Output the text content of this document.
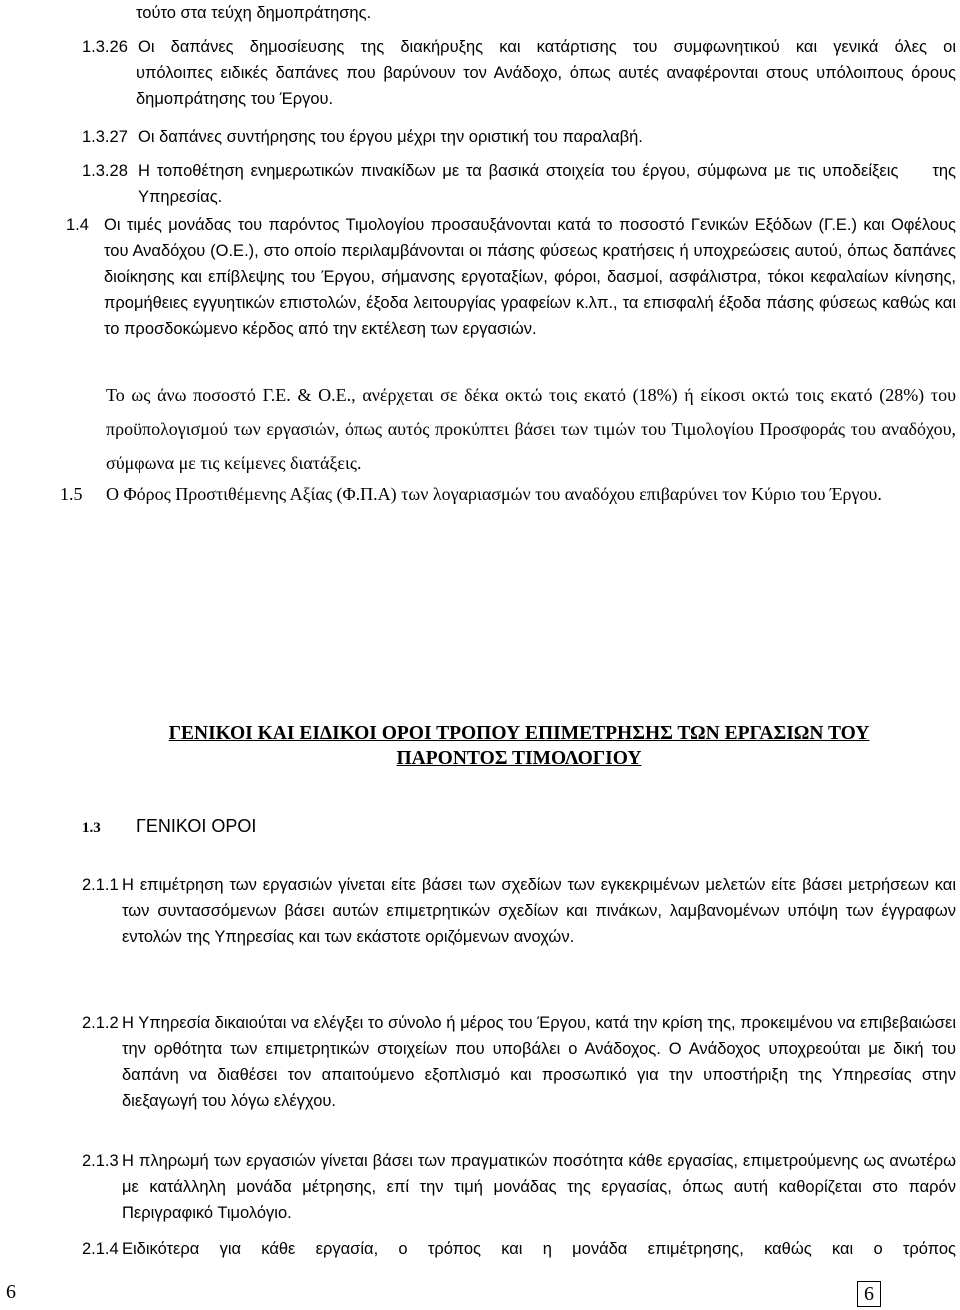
τούτο στα τεύχη δημοπράτησης.
1.3.26 Οι δαπάνες δημοσίευσης της διακήρυξης και κατάρτισης του συμφωνητικού και γενικά όλες οι
υπόλοιπες ειδικές δαπάνες που βαρύνουν τον Ανάδοχο, όπως αυτές αναφέρονται στους υπόλοιπους όρους δημοπράτησης του Έργου.
1.3.27 Οι δαπάνες συντήρησης του έργου μέχρι την οριστική του παραλαβή.
1.3.28 Η τοποθέτηση ενημερωτικών πινακίδων με τα βασικά στοιχεία του έργου, σύμφωνα με τις υποδείξεις     της Υπηρεσίας.
1.4 Οι τιμές μονάδας του παρόντος Τιμολογίου προσαυξάνονται κατά το ποσοστό Γενικών Εξόδων (Γ.Ε.) και Οφέλους του Αναδόχου (Ο.Ε.), στο οποίο περιλαμβάνονται οι πάσης φύσεως κρατήσεις ή υποχρεώσεις αυτού, όπως δαπάνες διοίκησης και επίβλεψης του Έργου, σήμανσης εργοταξίων, φόροι, δασμοί, ασφάλιστρα, τόκοι κεφαλαίων κίνησης, προμήθειες εγγυητικών επιστολών, έξοδα λειτουργίας γραφείων κ.λπ., τα επισφαλή έξοδα πάσης φύσεως καθώς και το προσδοκώμενο κέρδος από την εκτέλεση των εργασιών.
Το ως άνω ποσοστό Γ.Ε. & Ο.Ε., ανέρχεται σε δέκα οκτώ τοις εκατό (18%) ή είκοσι οκτώ τοις εκατό (28%) του προϋπολογισμού των εργασιών, όπως αυτός προκύπτει βάσει των τιμών του Τιμολογίου Προσφοράς του αναδόχου, σύμφωνα με τις κείμενες διατάξεις.
1.5 Ο Φόρος Προστιθέμενης Αξίας (Φ.Π.Α) των λογαριασμών του αναδόχου επιβαρύνει τον Κύριο του Έργου.
ΓΕΝΙΚΟΙ ΚΑΙ ΕΙΔΙΚΟΙ ΟΡΟΙ ΤΡΟΠΟΥ ΕΠΙΜΕΤΡΗΣΗΣ ΤΩΝ ΕΡΓΑΣΙΩΝ ΤΟΥ
ΠΑΡΟΝΤΟΣ ΤΙΜΟΛΟΓΙΟΥ
1.3 ΓΕΝΙΚΟΙ ΟΡΟΙ
2.1.1 Η επιμέτρηση των εργασιών γίνεται είτε βάσει των σχεδίων των εγκεκριμένων μελετών είτε βάσει μετρήσεων και των συντασσόμενων βάσει αυτών επιμετρητικών σχεδίων και πινάκων, λαμβανομένων υπόψη των έγγραφων εντολών της Υπηρεσίας και των εκάστοτε οριζόμενων ανοχών.
2.1.2 Η Υπηρεσία δικαιούται να ελέγξει το σύνολο ή μέρος του Έργου, κατά την κρίση της, προκειμένου να επιβεβαιώσει την ορθότητα των επιμετρητικών στοιχείων που υποβάλει ο Ανάδοχος. Ο Ανάδοχος υποχρεούται με δική του δαπάνη να διαθέσει τον απαιτούμενο εξοπλισμό και προσωπικό για την υποστήριξη της Υπηρεσίας στην διεξαγωγή του λόγω ελέγχου.
2.1.3 Η πληρωμή των εργασιών γίνεται βάσει των πραγματικών ποσότητα κάθε εργασίας, επιμετρούμενης ως ανωτέρω με κατάλληλη μονάδα μέτρησης, επί την τιμή μονάδας της εργασίας, όπως αυτή καθορίζεται στο παρόν Περιγραφικό Τιμολόγιο.
2.1.4 Ειδικότερα για κάθε εργασία, ο τρόπος και η μονάδα επιμέτρησης, καθώς και ο τρόπος
6	6
